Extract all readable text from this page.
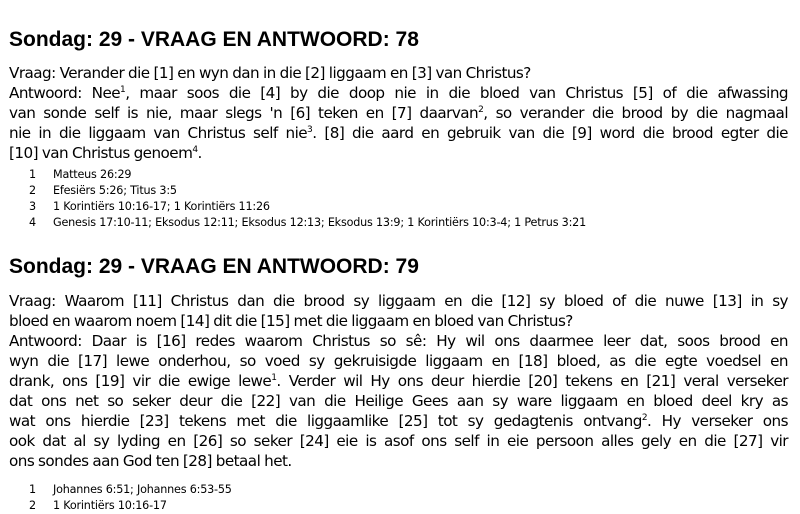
Sondag: 29 - VRAAG EN ANTWOORD: 78
Vraag: Verander die [1] en wyn dan in die [2] liggaam en [3] van Christus?
Antwoord: Nee$^1$, maar soos die [4] by die doop nie in die bloed van Christus [5] of die afwassing
van sonde self is nie, maar slegs 'n [6] teken en [7] daarvan$^2$, so verander die brood by die nagmaal
nie in die liggaam van Christus self nie$^3$. [8] die aard en gebruik van die [9] word die brood egter die
[10] van Christus genoem$^4$.
1 Matteus 26:29
2 Efesiërs 5:26; Titus 3:5
3 1 Korintiërs 10:16-17; 1 Korintiërs 11:26
4 Genesis 17:10-11; Eksodus 12:11; Eksodus 12:13; Eksodus 13:9; 1 Korintiërs 10:3-4; 1 Petrus 3:21
Sondag: 29 - VRAAG EN ANTWOORD: 79
Vraag: Waarom [11] Christus dan die brood sy liggaam en die [12] sy bloed of die nuwe [13] in sy
bloed en waarom noem [14] dit die [15] met die liggaam en bloed van Christus?
Antwoord: Daar is [16] redes waarom Christus so sê: Hy wil ons daarmee leer dat, soos brood en
wyn die [17] lewe onderhou, so voed sy gekruisigde liggaam en [18] bloed, as die egte voedsel en
drank, ons [19] vir die ewige lewe$^1$. Verder wil Hy ons deur hierdie [20] tekens en [21] veral verseker
dat ons net so seker deur die [22] van die Heilige Gees aan sy ware liggaam en bloed deel kry as
wat ons hierdie [23] tekens met die liggaamlike [25] tot sy gedagtenis ontvang$^2$. Hy verseker ons
ook dat al sy lyding en [26] so seker [24] eie is asof ons self in eie persoon alles gely en die [27] vir
ons sondes aan God ten [28] betaal het.
1 Johannes 6:51; Johannes 6:53-55
2 1 Korintiërs 10:16-17
